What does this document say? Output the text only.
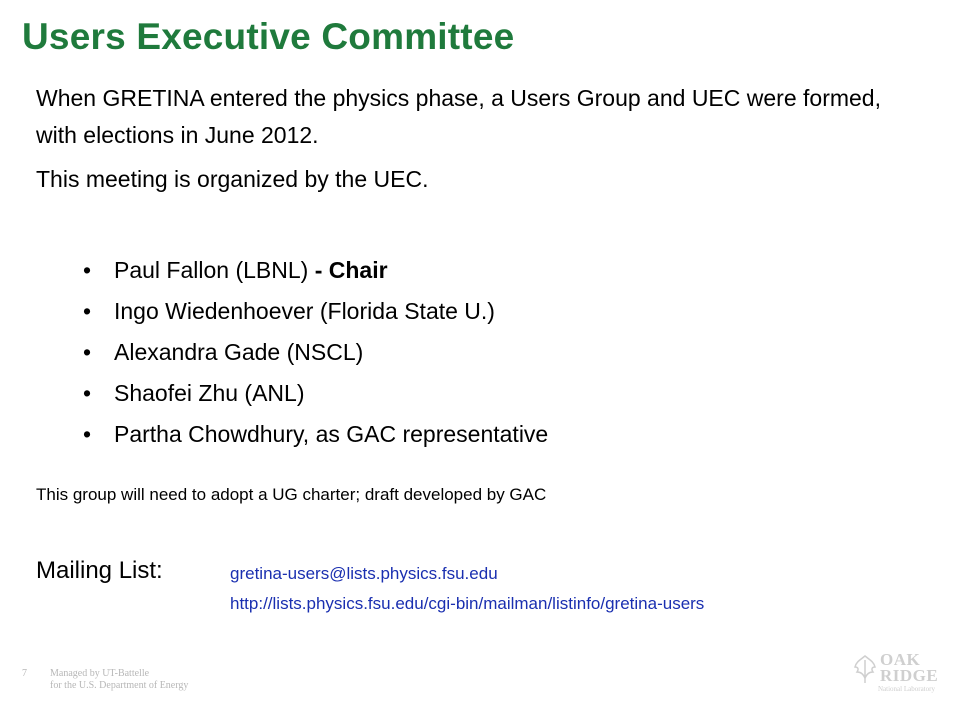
Users Executive Committee
When GRETINA entered the physics phase, a Users Group and UEC were formed, with elections in June 2012.
This meeting is organized by the UEC.
• Paul Fallon (LBNL) - Chair
• Ingo Wiedenhoever (Florida State U.)
• Alexandra Gade (NSCL)
• Shaofei Zhu (ANL)
• Partha Chowdhury, as GAC representative
This group will need to adopt a UG charter; draft developed by GAC
Mailing List:	gretina-users@lists.physics.fsu.edu
http://lists.physics.fsu.edu/cgi-bin/mailman/listinfo/gretina-users
7 Managed by UT-Battelle
for the U.S. Department of Energy
OAK
RIDGE
National Laboratory
